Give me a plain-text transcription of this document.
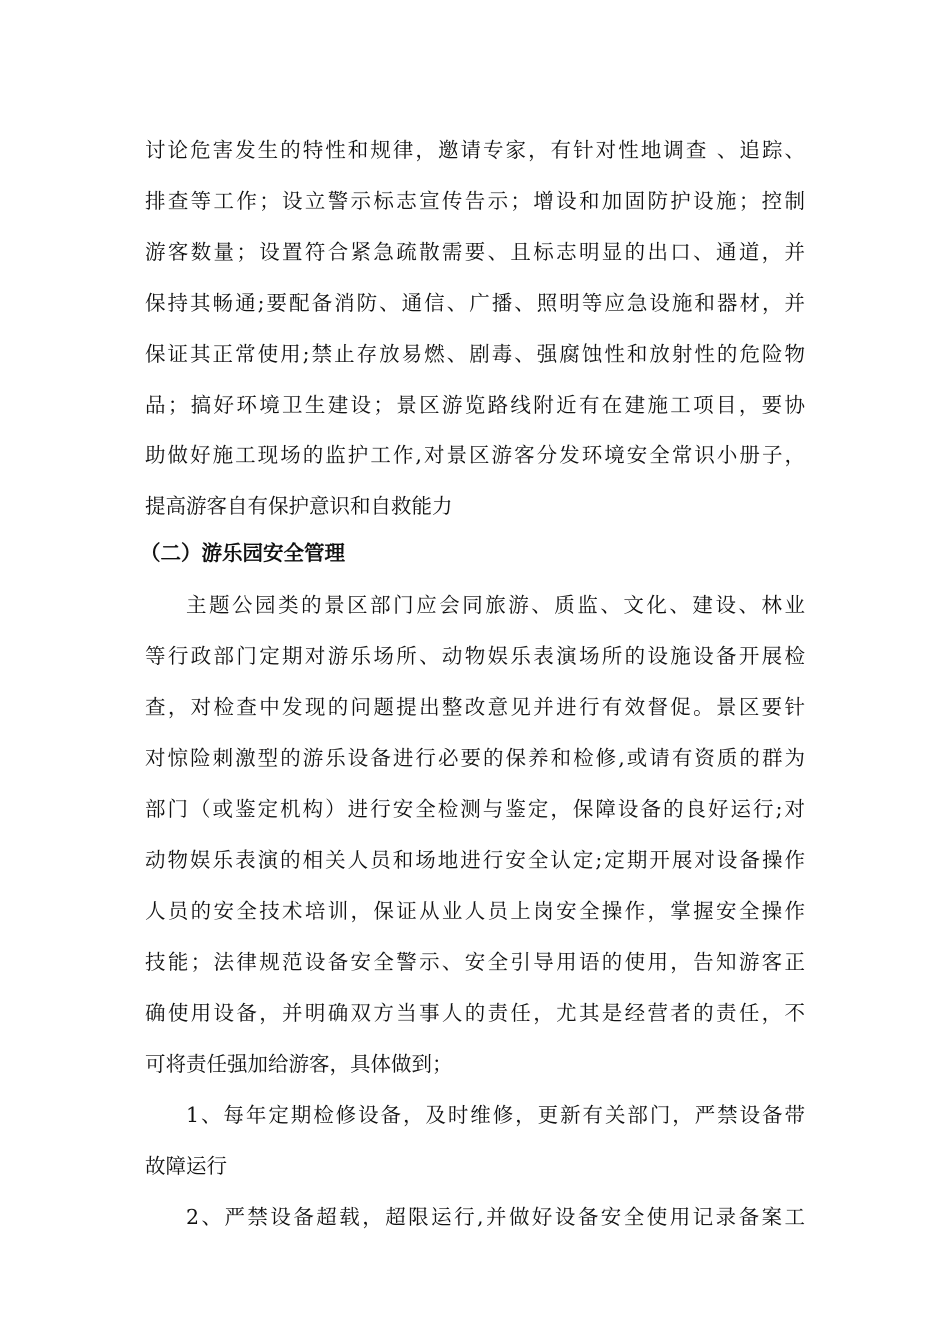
讨论危害发生的特性和规律，邀请专家，有针对性地调查 、追踪、
排查等工作；设立警示标志宣传告示；增设和加固防护设施；控制
游客数量；设置符合紧急疏散需要、且标志明显的出口、通道，并
保持其畅通;要配备消防、通信、广播、照明等应急设施和器材，并
保证其正常使用;禁止存放易燃、剧毒、强腐蚀性和放射性的危险物
品；搞好环境卫生建设；景区游览路线附近有在建施工项目，要协
助做好施工现场的监护工作,对景区游客分发环境安全常识小册子，
提高游客自有保护意识和自救能力
（二）游乐园安全管理
主题公园类的景区部门应会同旅游、质监、文化、建设、林业
等行政部门定期对游乐场所、动物娱乐表演场所的设施设备开展检
查，对检查中发现的问题提出整改意见并进行有效督促。景区要针
对惊险刺激型的游乐设备进行必要的保养和检修,或请有资质的群为
部门（或鉴定机构）进行安全检测与鉴定，保障设备的良好运行;对
动物娱乐表演的相关人员和场地进行安全认定;定期开展对设备操作
人员的安全技术培训，保证从业人员上岗安全操作，掌握安全操作
技能；法律规范设备安全警示、安全引导用语的使用，告知游客正
确使用设备，并明确双方当事人的责任，尤其是经营者的责任，不
可将责任强加给游客，具体做到；
1、每年定期检修设备，及时维修，更新有关部门，严禁设备带
故障运行
2、严禁设备超载，超限运行,并做好设备安全使用记录备案工
